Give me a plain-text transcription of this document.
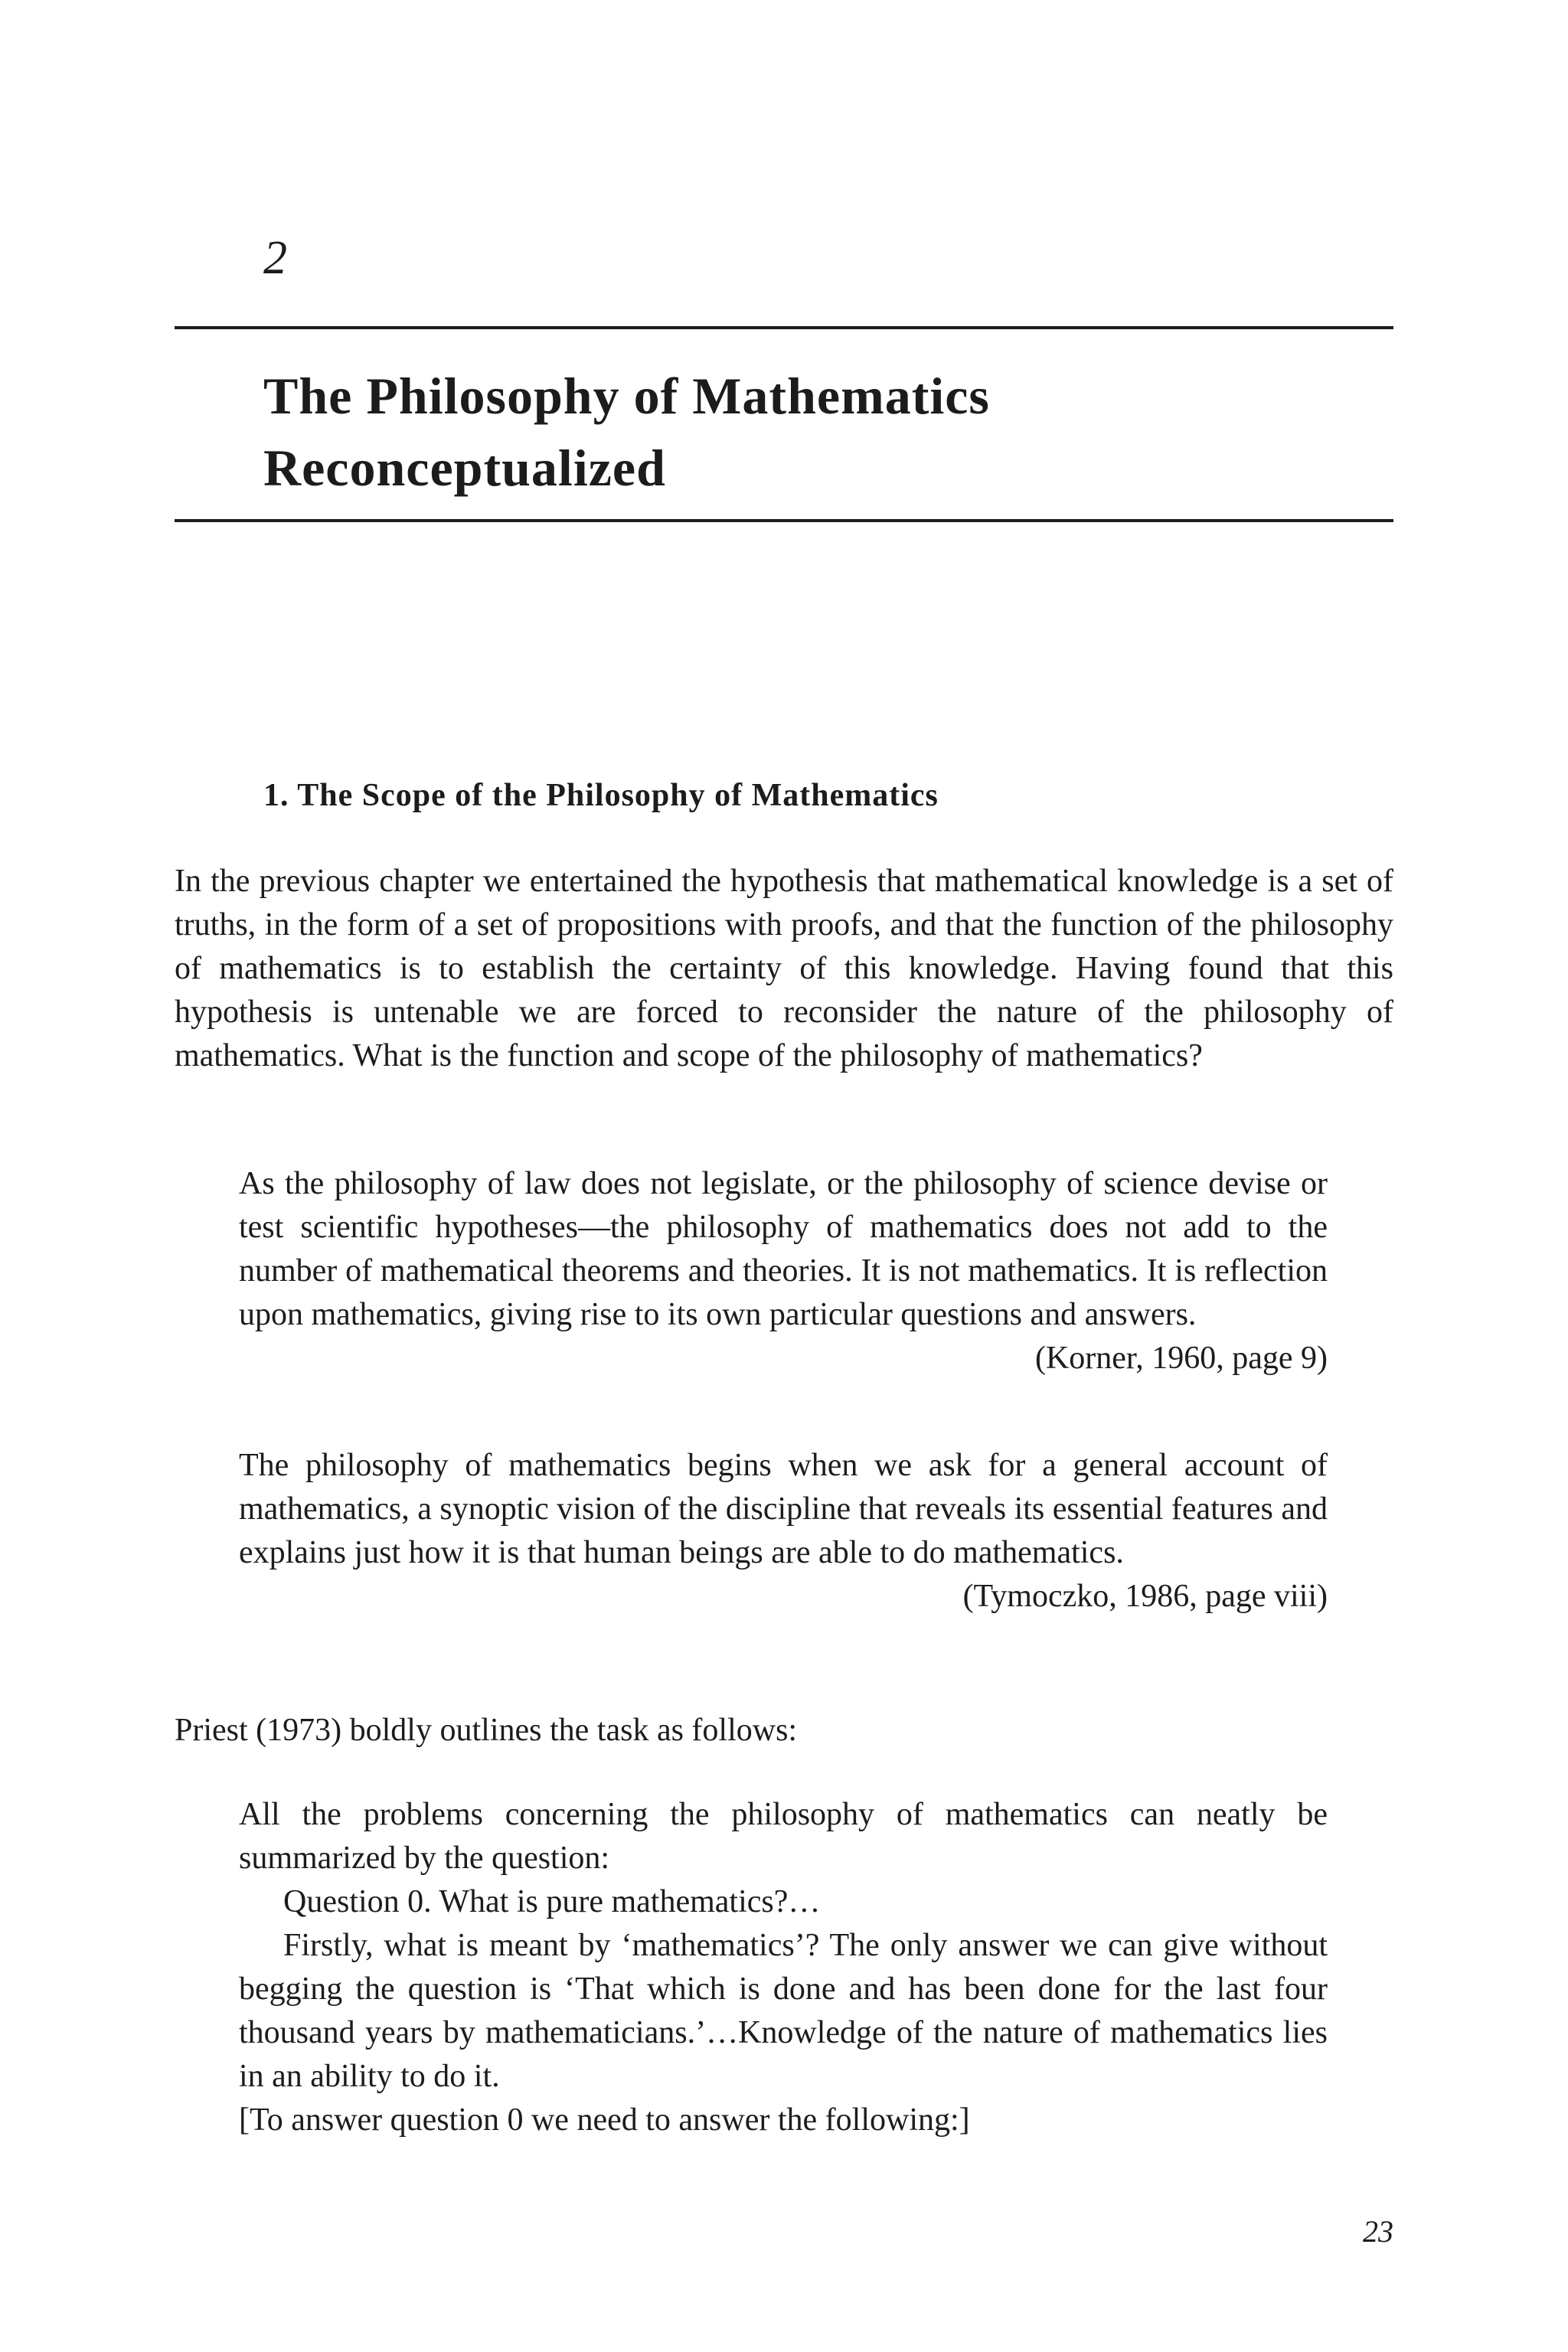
2
The Philosophy of Mathematics
Reconceptualized
1. The Scope of the Philosophy of Mathematics

In the previous chapter we entertained the hypothesis that mathematical knowledge is a set of truths, in the form of a set of propositions with proofs, and that the function of the philosophy of mathematics is to establish the certainty of this knowledge. Having found that this hypothesis is untenable we are forced to reconsider the nature of the philosophy of mathematics. What is the function and scope of the philosophy of mathematics?

As the philosophy of law does not legislate, or the philosophy of science devise or test scientific hypotheses—the philosophy of mathematics does not add to the number of mathematical theorems and theories. It is not mathematics. It is reflection upon mathematics, giving rise to its own particular questions and answers.
(Korner, 1960, page 9)
The philosophy of mathematics begins when we ask for a general account of mathematics, a synoptic vision of the discipline that reveals its essential features and explains just how it is that human beings are able to do mathematics.
(Tymoczko, 1986, page viii)

Priest (1973) boldly outlines the task as follows:

All the problems concerning the philosophy of mathematics can neatly be summarized by the question:
Question 0. What is pure mathematics?…
Firstly, what is meant by ‘mathematics’? The only answer we can give without begging the question is ‘That which is done and has been done for the last four thousand years by mathematicians.’…Knowledge of the nature of mathematics lies in an ability to do it.
[To answer question 0 we need to answer the following:]
23
